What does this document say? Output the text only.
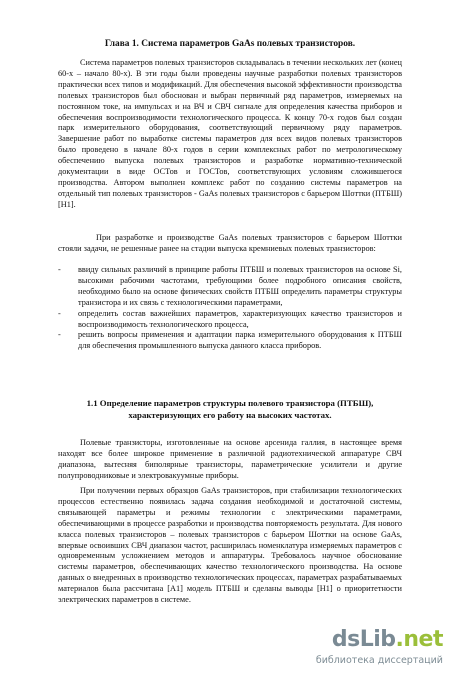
Глава 1. Система параметров GaAs полевых транзисторов.

Система параметров полевых транзисторов складывалась в течении нескольких лет (конец 60-х – начало 80-х). В эти годы были проведены научные разработки полевых транзисторов практически всех типов и модификаций. Для обеспечения высокой эффективности производства полевых транзисторов был обоснован и выбран первичный ряд параметров, измеряемых на постоянном токе, на импульсах и на ВЧ и СВЧ сигнале для определения качества приборов и обеспечения воспроизводимости технологического процесса. К концу 70-х годов был создан парк измерительного оборудования, соответствующий первичному ряду параметров. Завершение работ по выработке системы параметров для всех видов полевых транзисторов было проведено в начале 80-х годов в серии комплексных работ по метрологическому обеспечению выпуска полевых транзисторов и разработке нормативно-технической документации в виде ОСТов и ГОСТов, соответствующих условиям сложившегося производства. Автором выполнен комплекс работ по созданию системы параметров на отдельный тип полевых транзисторов - GaAs полевых транзисторов с барьером Шоттки (ПТБШ) [Н1].

При разработке и производстве GaAs полевых транзисторов с барьером Шоттки стояли задачи, не решенные ранее на стадии выпуска кремниевых полевых транзисторов:

- ввиду сильных различий в принципе работы ПТБШ и полевых транзисторов на основе Si, высокими рабочими частотами, требующими более подробного описания свойств, необходимо было на основе физических свойств ПТБШ определить параметры структуры транзистора и их связь с технологическими параметрами,
- определить состав важнейших параметров, характеризующих качество транзисторов и воспроизводимость технологического процесса,
- решить вопросы применения и адаптации парка измерительного оборудования к ПТБШ для обеспечения промышленного выпуска данного класса приборов.
1.1 Определение параметров структуры полевого транзистора (ПТБШ), характеризующих его работу на высоких частотах.

Полевые транзисторы, изготовленные на основе арсенида галлия, в настоящее время находят все более широкое применение в различной радиотехнической аппаратуре СВЧ диапазона, вытесняя биполярные транзисторы, параметрические усилители и другие полупроводниковые и электровакуумные приборы.

При получении первых образцов GaAs транзисторов, при стабилизации технологических процессов естественно появилась задача создания необходимой и достаточной системы, связывающей параметры и режимы технологии с электрическими параметрами, обеспечивающими в процессе разработки и производства повторяемость результата. Для нового класса полевых транзисторов – полевых транзисторов с барьером Шоттки на основе GaAs, впервые освоивших СВЧ диапазон частот, расширилась номенклатура измеряемых параметров с одновременным усложнением методов и аппаратуры. Требовалось научное обоснование системы параметров, обеспечивающих качество технологического производства. На основе данных о внедренных в производство технологических процессах, параметрах разрабатываемых материалов была рассчитана [А1] модель ПТБШ и сделаны выводы [Н1] о приоритетности электрических параметров в системе.

dsLib.net
библиотека диссертаций
